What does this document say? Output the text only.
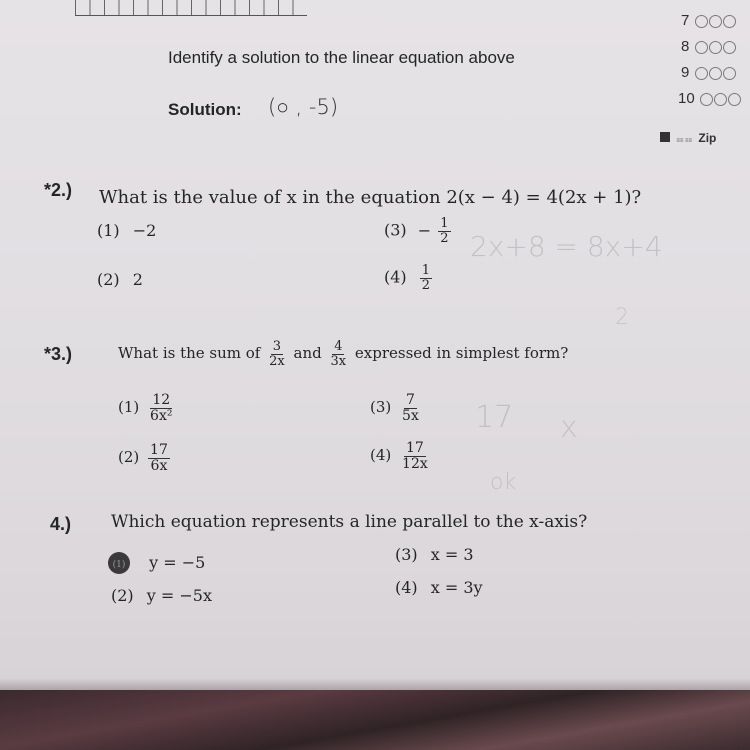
2x+8 = 8x+4
17 x
ok
2
7
8
9
10
≡≡ ≡≡ Zip
Identify a solution to the linear equation above
Solution: (○ , -5)
*2.) What is the value of x in the equation 2(x − 4) = 4(2x + 1)?
(1) −2	$(3) - \frac{1}{2}$
(2) 2	$(4) \frac{1}{2}$
*3.)	What is the sum of $\frac{3}{2x}$ and $\frac{4}{3x}$ expressed in simplest form?
$(1) \frac{12}{\text{6x²}}$	$(3) \frac{7}{5x}$
$(2) \frac{17}{6x}$	$(4) \frac{17}{12x}$
4.) Which equation represents a line parallel to the x-axis?
(1) y = −5	(3) x = 3
(2) y = −5x	(4) x = 3y
